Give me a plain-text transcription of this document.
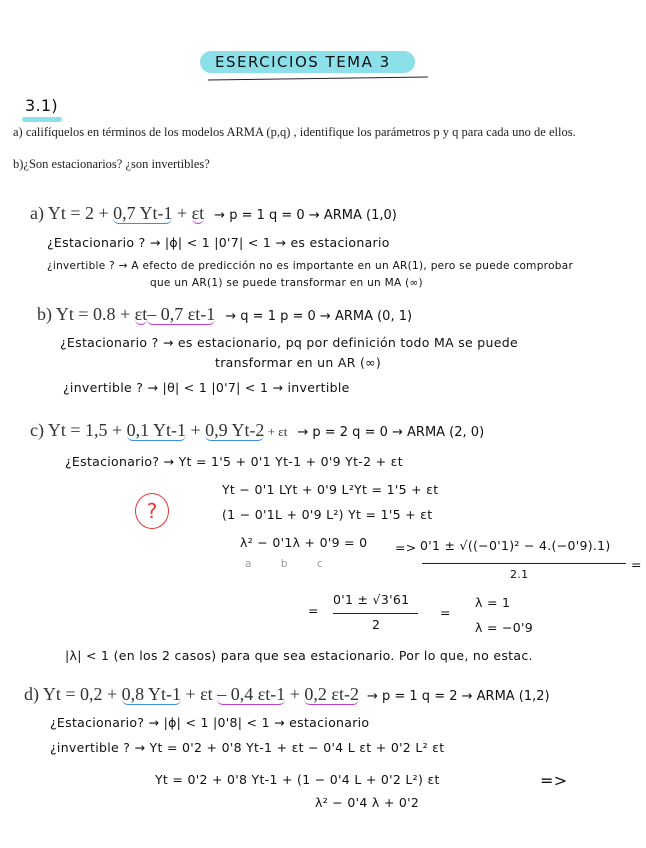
ESERCICIOS TEMA 3
3.1)
a) califíquelos en términos de los modelos ARMA (p,q) , identifique los parámetros p y q para cada uno de ellos.
b)¿Son estacionarios? ¿son invertibles?
a) Yt = 2 + 0,7 Yt-1 + εt → p = 1 q = 0 → ARMA (1,0)
¿Estacionario ? → |ϕ| < 1 |0'7| < 1 → es estacionario
¿invertible ? → A efecto de predicción no es importante en un AR(1), pero se puede comprobar
que un AR(1) se puede transformar en un MA (∞)
b) Yt = 0.8 + εt– 0,7 εt-1 → q = 1 p = 0 → ARMA (0, 1)
¿Estacionario ? → es estacionario, pq por definición todo MA se puede
transformar en un AR (∞)
¿invertible ? → |θ| < 1 |0'7| < 1 → invertible
c) Yt = 1,5 + 0,1 Yt-1 + 0,9 Yt-2 + εt → p = 2 q = 0 → ARMA (2, 0)
¿Estacionario? → Yt = 1'5 + 0'1 Yt-1 + 0'9 Yt-2 + εt
Yt − 0'1 LYt + 0'9 L²Yt = 1'5 + εt
(1 − 0'1L + 0'9 L²) Yt = 1'5 + εt
?
λ² − 0'1λ + 0'9 = 0
a        b        c
=> 0'1 ± √((−0'1)² − 4.(−0'9).1)
2.1
=
=
0'1 ± √3'61
2
=
λ = 1
λ = −0'9
|λ| < 1 (en los 2 casos) para que sea estacionario. Por lo que, no estac.
d) Yt = 0,2 + 0,8 Yt-1 + εt – 0,4 εt-1 + 0,2 εt-2 → p = 1 q = 2 → ARMA (1,2)
¿Estacionario? → |ϕ| < 1 |0'8| < 1 → estacionario
¿invertible ? → Yt = 0'2 + 0'8 Yt-1 + εt − 0'4 L εt + 0'2 L² εt
Yt = 0'2 + 0'8 Yt-1 + (1 − 0'4 L + 0'2 L²) εt	=>
λ² − 0'4 λ + 0'2
